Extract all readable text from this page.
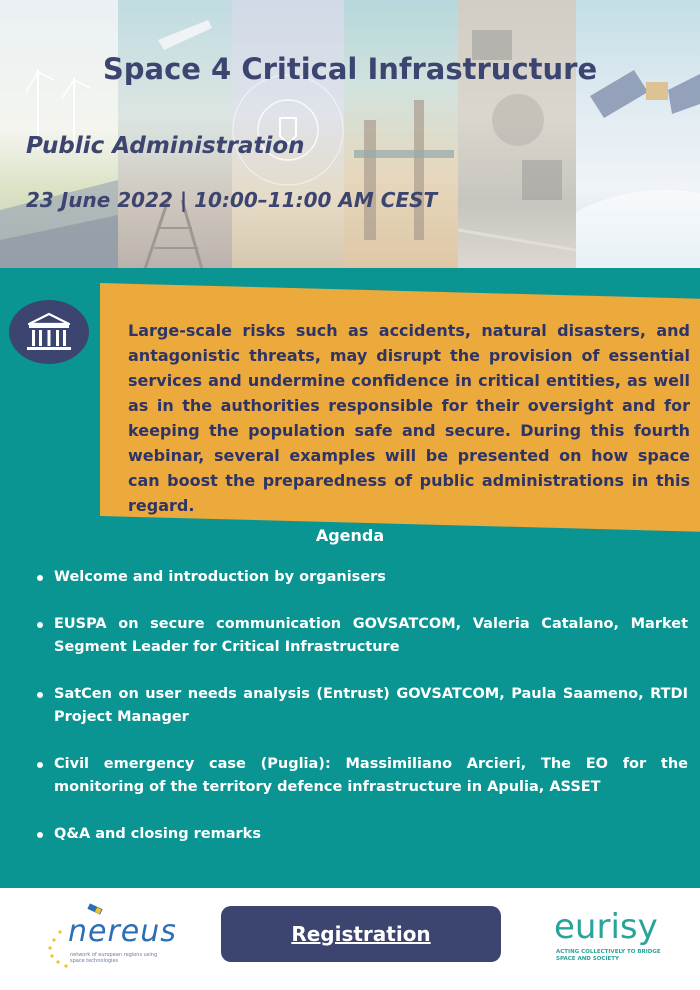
Space 4 Critical Infrastructure
Public Administration
23 June 2022 | 10:00–11:00 AM CEST

Large-scale risks such as accidents, natural disasters, and antagonistic threats, may disrupt the provision of essential services and undermine confidence in critical entities, as well as in the authorities responsible for their oversight and for keeping the population safe and secure. During this fourth webinar, several examples will be presented on how space can boost the preparedness of public administrations in this regard.

Agenda
Welcome and introduction by organisers
EUSPA on secure communication GOVSATCOM, Valeria Catalano, Market Segment Leader for Critical Infrastructure
SatCen on user needs analysis (Entrust) GOVSATCOM, Paula Saameno, RTDI Project Manager
Civil emergency case (Puglia): Massimiliano Arcieri, The EO for the monitoring of the territory defence infrastructure in Apulia, ASSET
Q&A and closing remarks
nereus
network of european regions using space technologies
Registration	eurisy
ACTING COLLECTIVELY TO BRIDGE SPACE AND SOCIETY
